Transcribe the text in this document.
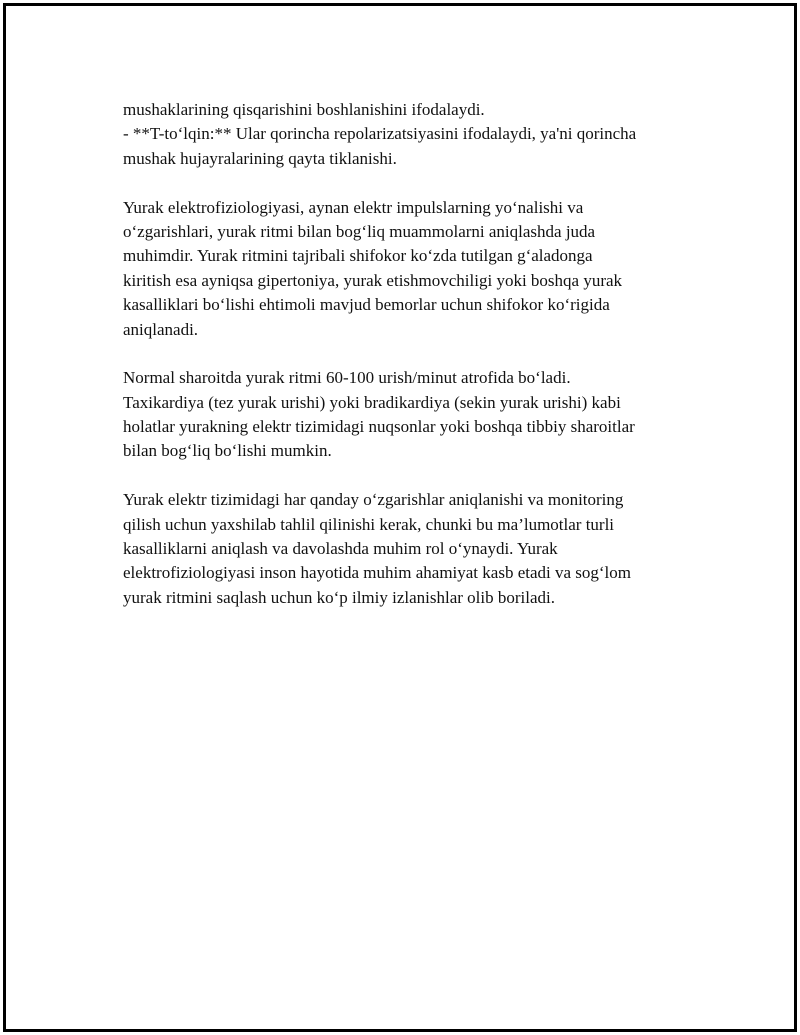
mushaklarining qisqarishini boshlanishini ifodalaydi.
- **T-to‘lqin:** Ular qorincha repolarizatsiyasini ifodalaydi, ya'ni qorincha
mushak hujayralarining qayta tiklanishi.
Yurak elektrofiziologiyasi, aynan elektr impulslarning yo‘nalishi va
o‘zgarishlari, yurak ritmi bilan bog‘liq muammolarni aniqlashda juda
muhimdir. Yurak ritmini tajribali shifokor ko‘zda tutilgan g‘aladonga
kiritish esa ayniqsa gipertoniya, yurak etishmovchiligi yoki boshqa yurak
kasalliklari bo‘lishi ehtimoli mavjud bemorlar uchun shifokor ko‘rigida
aniqlanadi.
Normal sharoitda yurak ritmi 60-100 urish/minut atrofida bo‘ladi.
Taxikardiya (tez yurak urishi) yoki bradikardiya (sekin yurak urishi) kabi
holatlar yurakning elektr tizimidagi nuqsonlar yoki boshqa tibbiy sharoitlar
bilan bog‘liq bo‘lishi mumkin.
Yurak elektr tizimidagi har qanday o‘zgarishlar aniqlanishi va monitoring
qilish uchun yaxshilab tahlil qilinishi kerak, chunki bu ma’lumotlar turli
kasalliklarni aniqlash va davolashda muhim rol o‘ynaydi. Yurak
elektrofiziologiyasi inson hayotida muhim ahamiyat kasb etadi va sog‘lom
yurak ritmini saqlash uchun ko‘p ilmiy izlanishlar olib boriladi.
